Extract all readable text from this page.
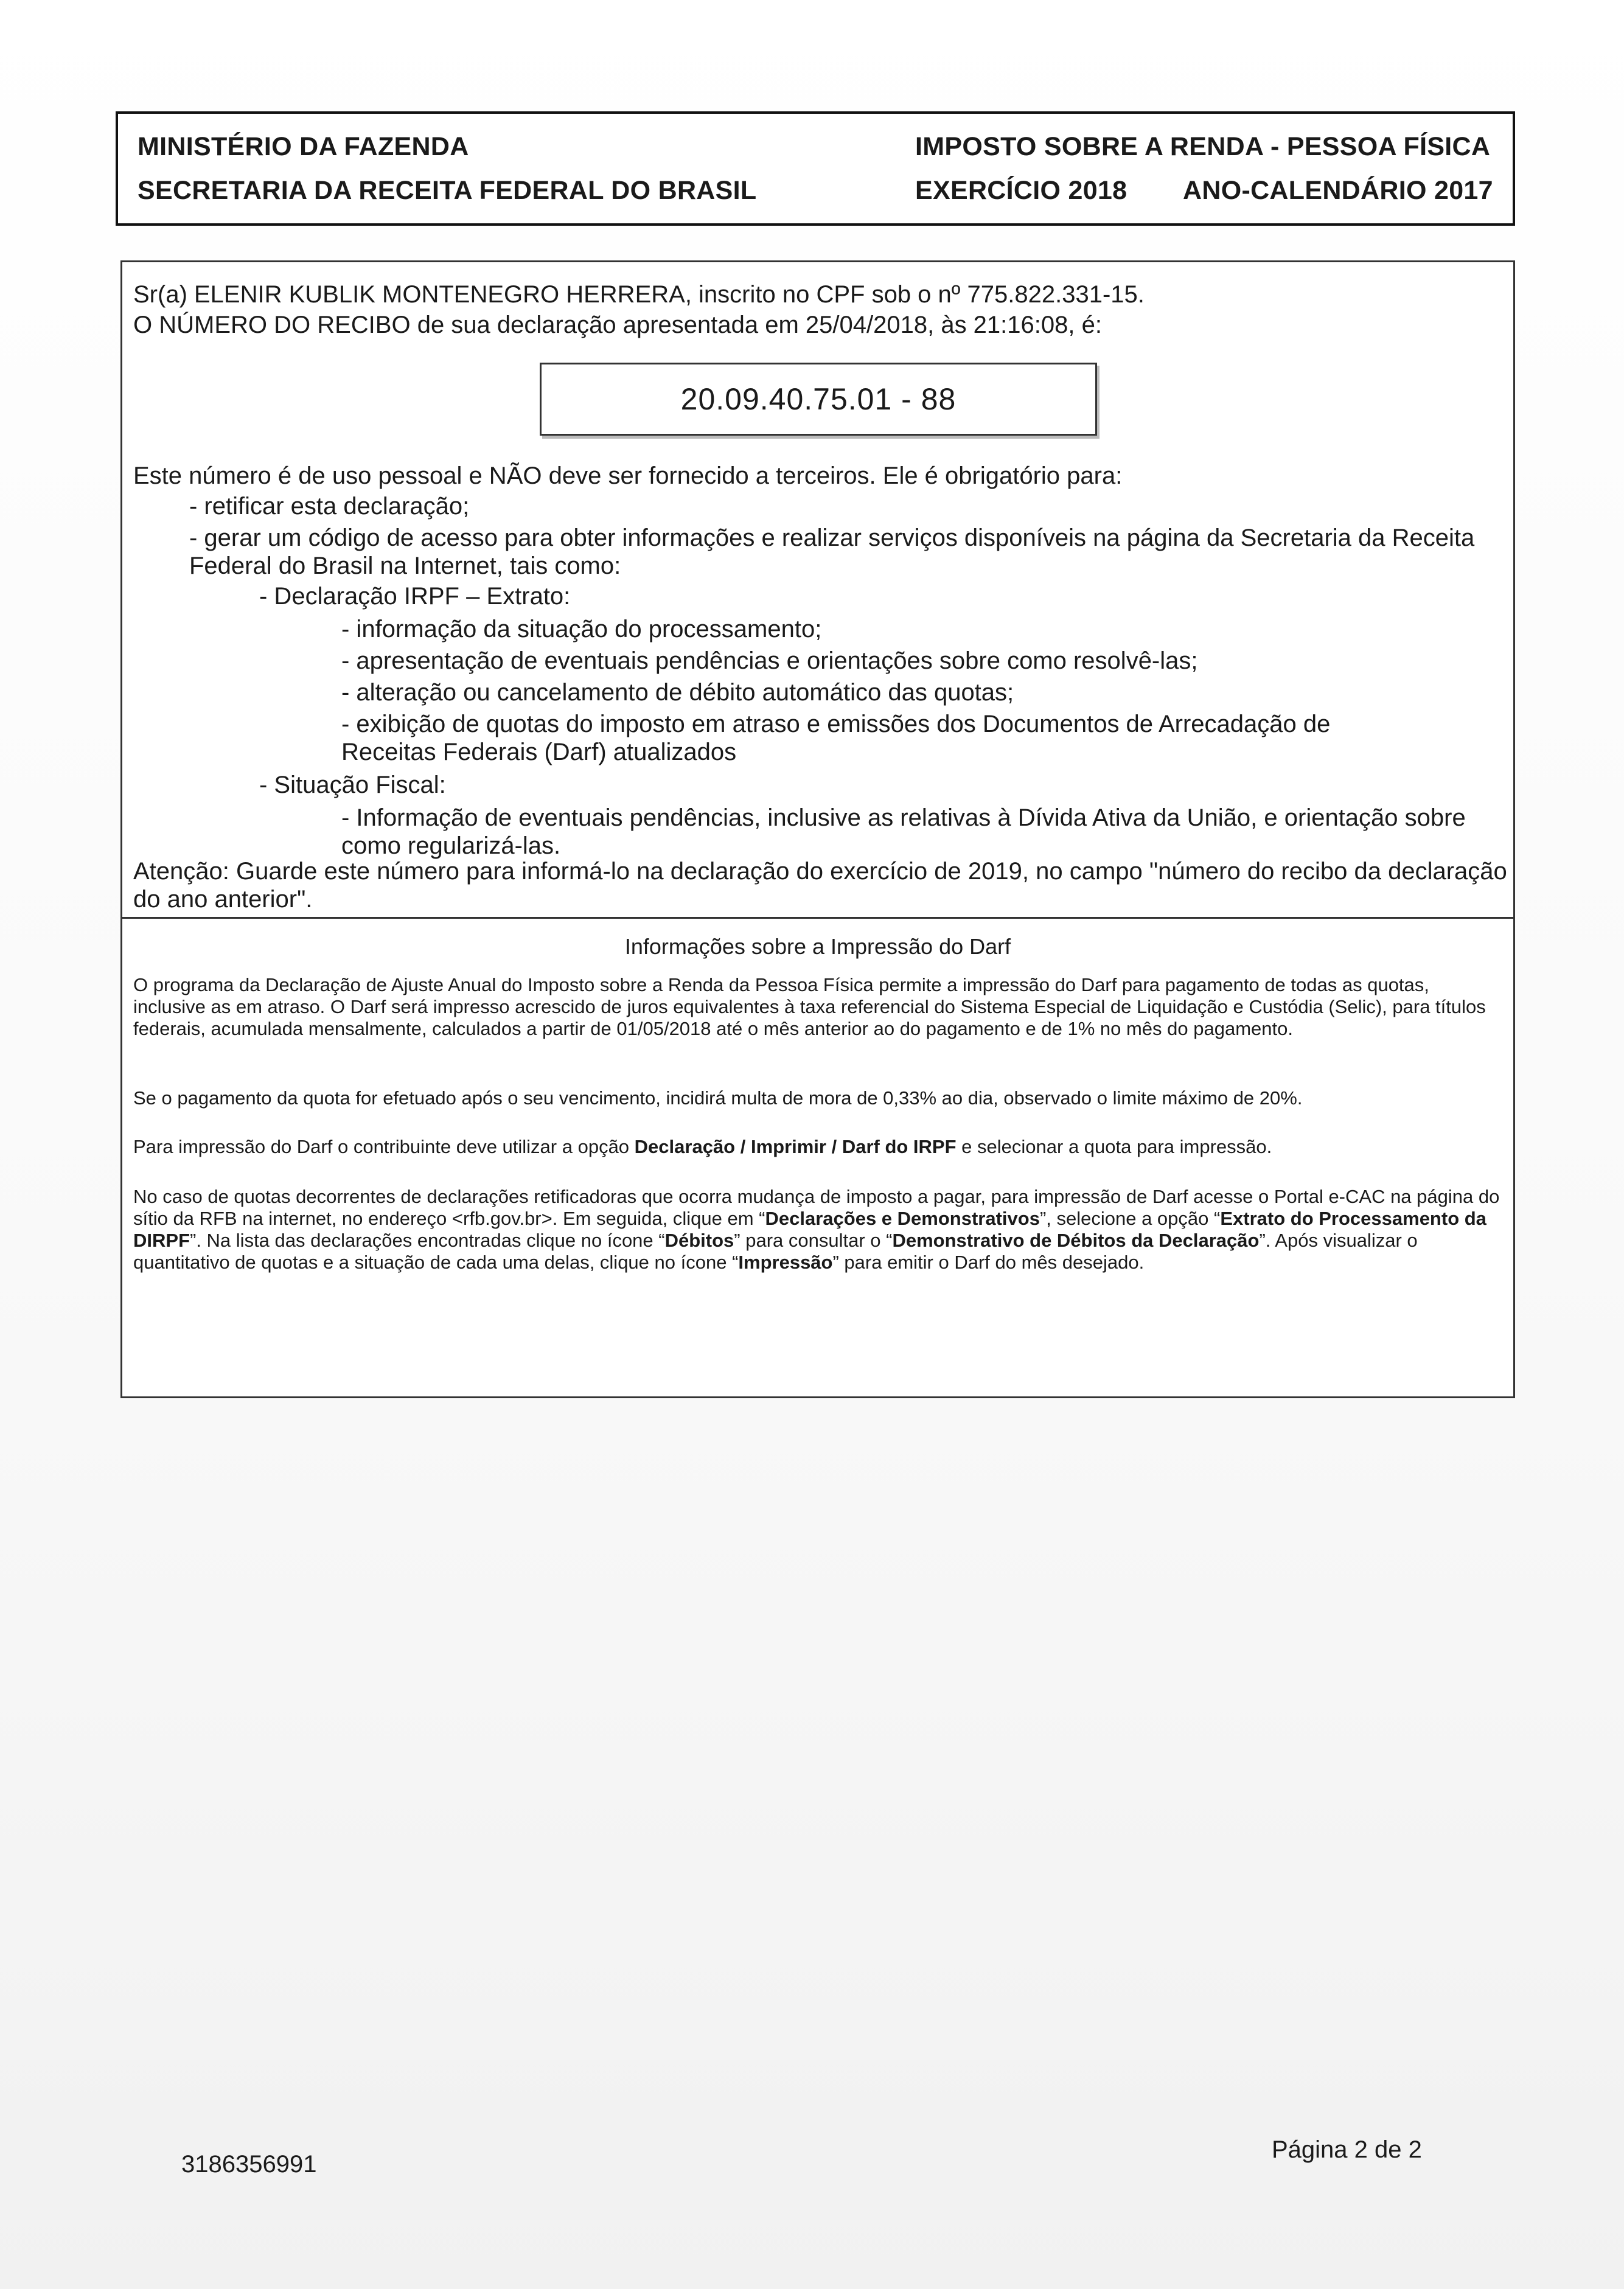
MINISTÉRIO DA FAZENDA
SECRETARIA DA RECEITA FEDERAL DO BRASIL
IMPOSTO SOBRE A RENDA - PESSOA FÍSICA
EXERCÍCIO 2018 ANO-CALENDÁRIO 2017
Sr(a) ELENIR KUBLIK MONTENEGRO HERRERA, inscrito no CPF sob o nº 775.822.331-15.
O NÚMERO DO RECIBO de sua declaração apresentada em 25/04/2018, às 21:16:08, é:
20.09.40.75.01 - 88
Este número é de uso pessoal e NÃO deve ser fornecido a terceiros. Ele é obrigatório para:
- retificar esta declaração;
- gerar um código de acesso para obter informações e realizar serviços disponíveis na página da Secretaria da Receita Federal do Brasil na Internet, tais como:
- Declaração IRPF – Extrato:
- informação da situação do processamento;
- apresentação de eventuais pendências e orientações sobre como resolvê-las;
- alteração ou cancelamento de débito automático das quotas;
- exibição de quotas do imposto em atraso e emissões dos Documentos de Arrecadação de Receitas Federais (Darf) atualizados
- Situação Fiscal:
- Informação de eventuais pendências, inclusive as relativas à Dívida Ativa da União, e orientação sobre como regularizá-las.
Atenção: Guarde este número para informá-lo na declaração do exercício de 2019, no campo "número do recibo da declaração do ano anterior".
Informações sobre a Impressão do Darf
O programa da Declaração de Ajuste Anual do Imposto sobre a Renda da Pessoa Física permite a impressão do Darf para pagamento de todas as quotas, inclusive as em atraso. O Darf será impresso acrescido de juros equivalentes à taxa referencial do Sistema Especial de Liquidação e Custódia (Selic), para títulos federais, acumulada mensalmente, calculados a partir de 01/05/2018 até o mês anterior ao do pagamento e de 1% no mês do pagamento.
Se o pagamento da quota for efetuado após o seu vencimento, incidirá multa de mora de 0,33% ao dia, observado o limite máximo de 20%.
Para impressão do Darf o contribuinte deve utilizar a opção Declaração / Imprimir / Darf do IRPF e selecionar a quota para impressão.
No caso de quotas decorrentes de declarações retificadoras que ocorra mudança de imposto a pagar, para impressão de Darf acesse o Portal e-CAC na página do sítio da RFB na internet, no endereço <rfb.gov.br>. Em seguida, clique em “Declarações e Demonstrativos”, selecione a opção “Extrato do Processamento da DIRPF”. Na lista das declarações encontradas clique no ícone “Débitos” para consultar o “Demonstrativo de Débitos da Declaração”. Após visualizar o quantitativo de quotas e a situação de cada uma delas, clique no ícone “Impressão” para emitir o Darf do mês desejado.
3186356991
Página 2 de 2
